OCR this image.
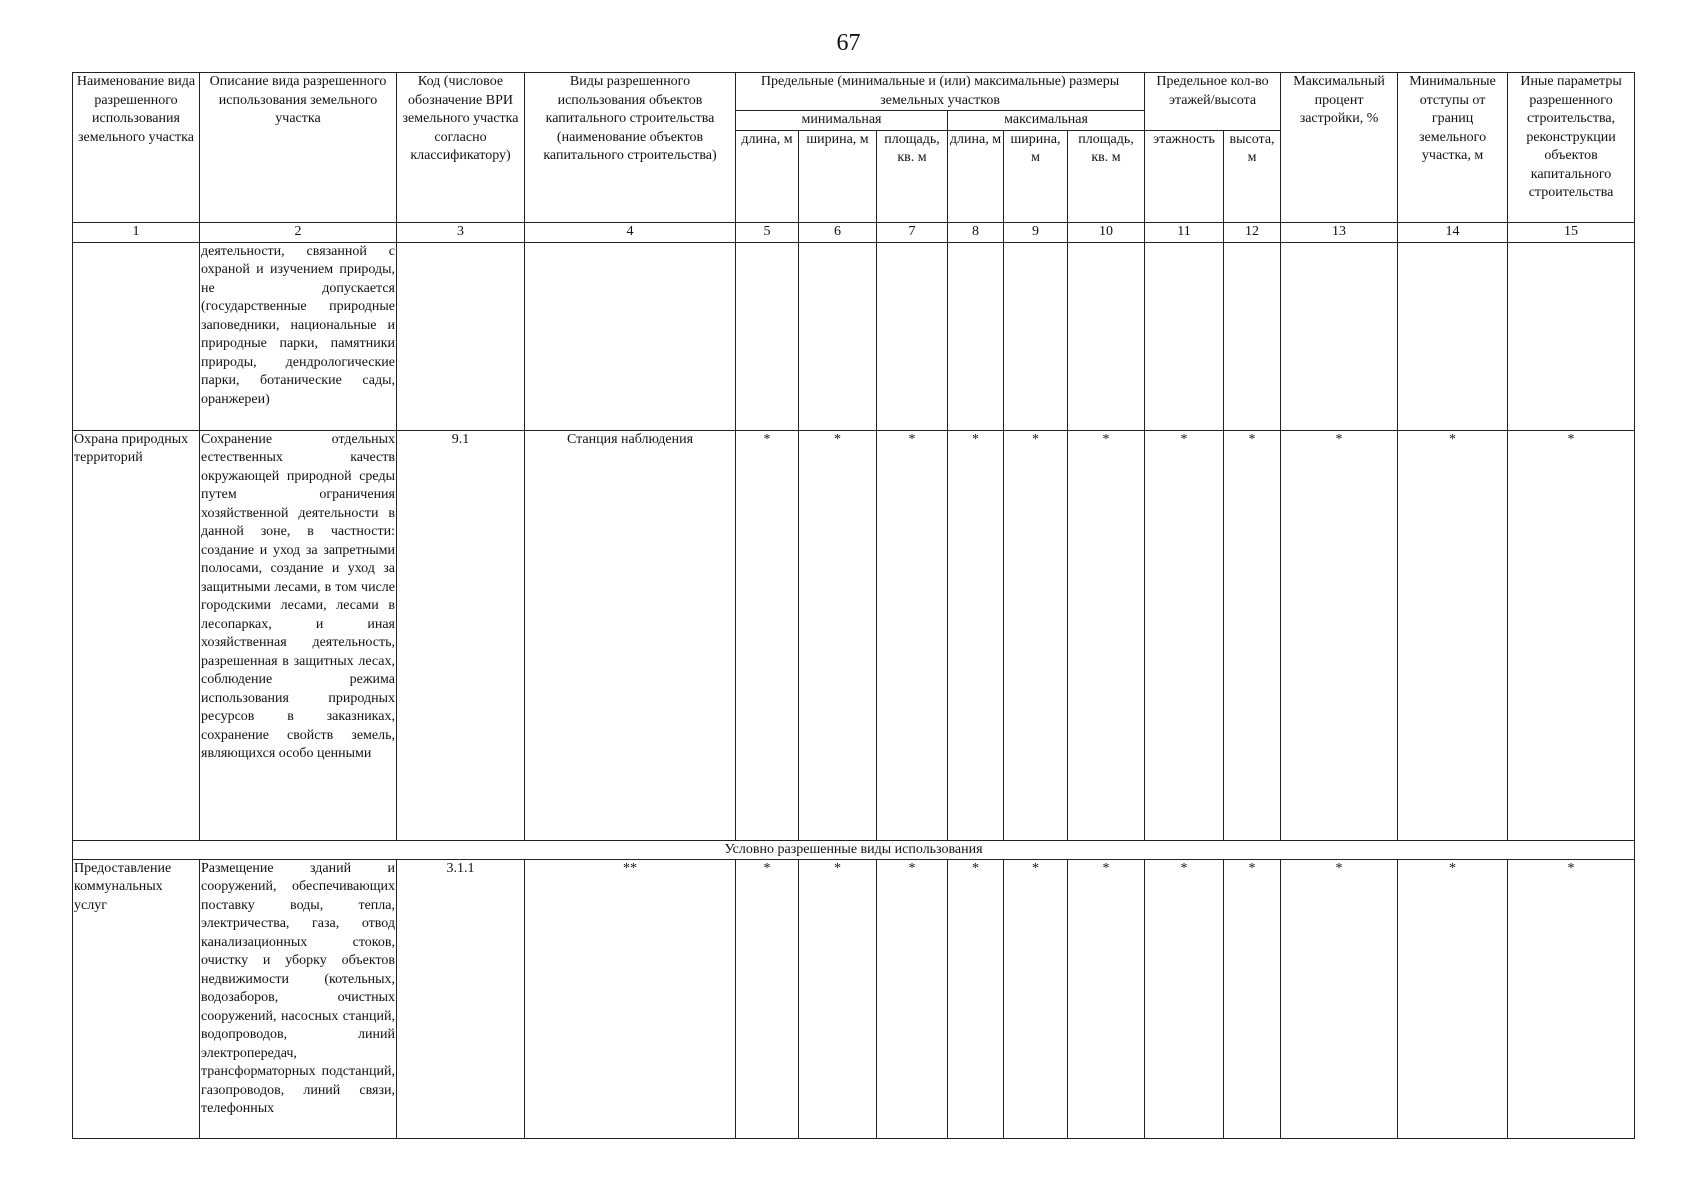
67
Наименование вида разрешенного использования земельного участка	Описание вида разрешенного использования земельного участка	Код (числовое обозначение ВРИ земельного участка согласно классификатору)	Виды разрешенного использования объектов капитального строительства (наименование объектов капитального строительства)	Предельные (минимальные и (или) максимальные) размеры земельных участков						Предельное кол-во этажей/высота		Максимальный процент застройки, %	Минимальные отступы от границ земельного участка, м	Иные параметры разрешенного строительства, реконструкции объектов капитального строительства
				минимальная			максимальная							
				длина, м	ширина, м	площадь, кв. м	длина, м	ширина, м	площадь, кв. м	этажность	высота, м			
1	2	3	4	5	6	7	8	9	10	11	12	13	14	15
	деятельности, связанной с охраной и изучением природы, не допускается (государственные природные заповедники, национальные и природные парки, памятники природы, дендрологические парки, ботанические сады, оранжереи)													
Охрана природных территорий	Сохранение отдельных естественных качеств окружающей природной среды путем ограничения хозяйственной деятельности в данной зоне, в частности: создание и уход за запретными полосами, создание и уход за защитными лесами, в том числе городскими лесами, лесами в лесопарках, и иная хозяйственная деятельность, разрешенная в защитных лесах, соблюдение режима использования природных ресурсов в заказниках, сохранение свойств земель, являющихся особо ценными	9.1	Станция наблюдения	*	*	*	*	*	*	*	*	*	*	*
Условно разрешенные виды использования														
Предоставление коммунальных услуг	Размещение зданий и сооружений, обеспечивающих поставку воды, тепла, электричества, газа, отвод канализационных стоков, очистку и уборку объектов недвижимости (котельных, водозаборов, очистных сооружений, насосных станций, водопроводов, линий электропередач, трансформаторных подстанций, газопроводов, линий связи, телефонных	3.1.1	**	*	*	*	*	*	*	*	*	*	*	*
